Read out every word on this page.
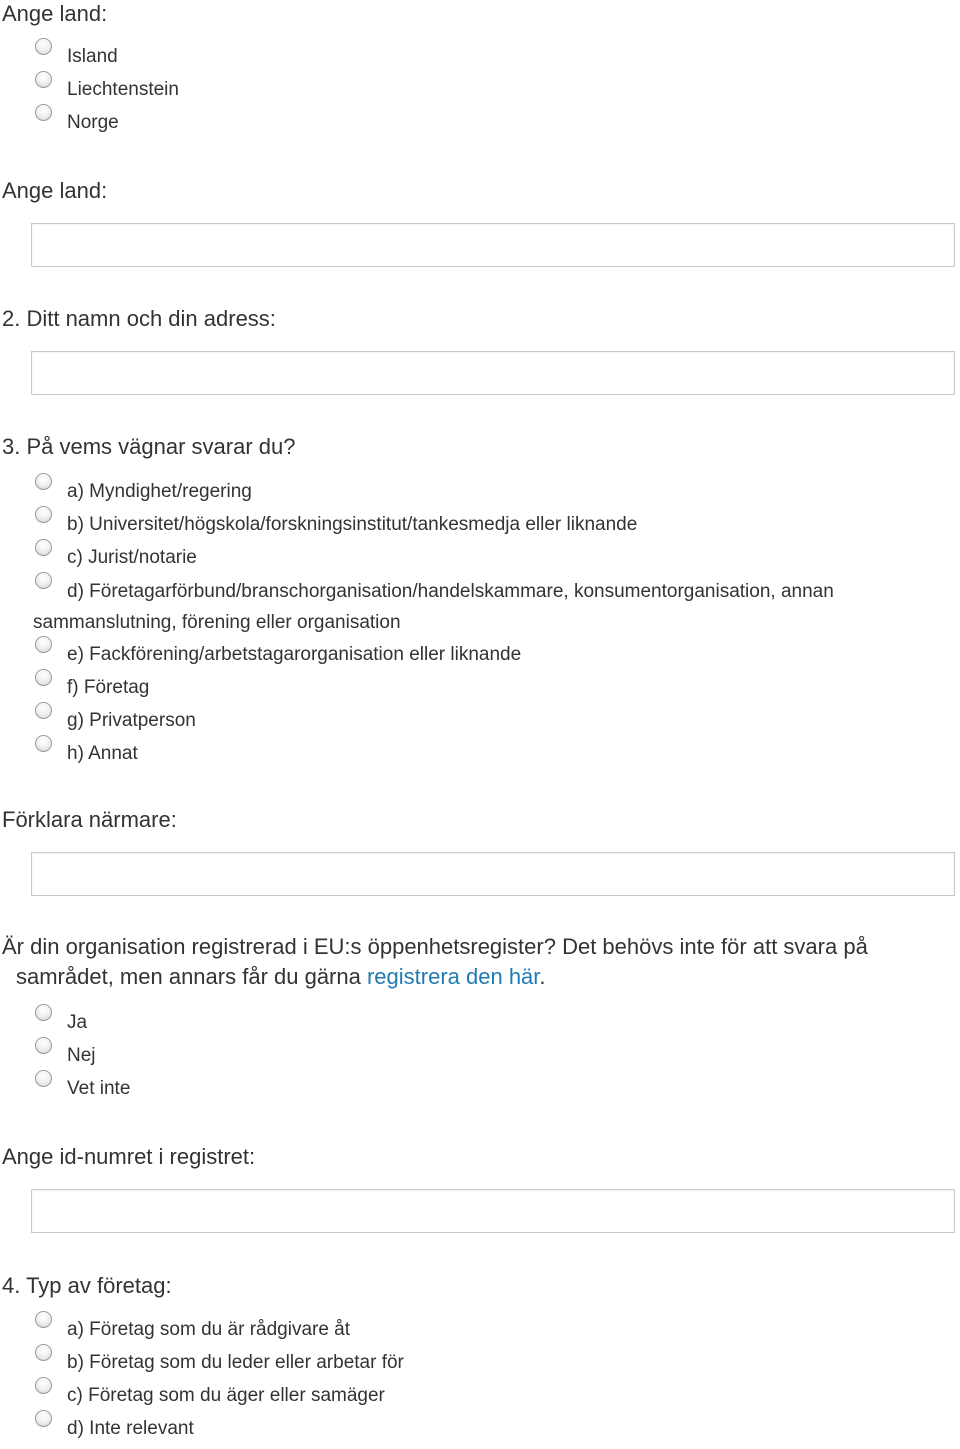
Ange land:
Island
Liechtenstein
Norge
Ange land:
2. Ditt namn och din adress:
3. På vems vägnar svarar du?
a) Myndighet/regering
b) Universitet/högskola/forskningsinstitut/tankesmedja eller liknande
c) Jurist/notarie
d) Företagarförbund/branschorganisation/handelskammare, konsumentorganisation, annan
sammanslutning, förening eller organisation
e) Fackförening/arbetstagarorganisation eller liknande
f) Företag
g) Privatperson
h) Annat
Förklara närmare:
Är din organisation registrerad i EU:s öppenhetsregister? Det behövs inte för att svara på
samrådet, men annars får du gärna registrera den här.
Ja
Nej
Vet inte
Ange id-numret i registret:
4. Typ av företag:
a) Företag som du är rådgivare åt
b) Företag som du leder eller arbetar för
c) Företag som du äger eller samäger
d) Inte relevant
